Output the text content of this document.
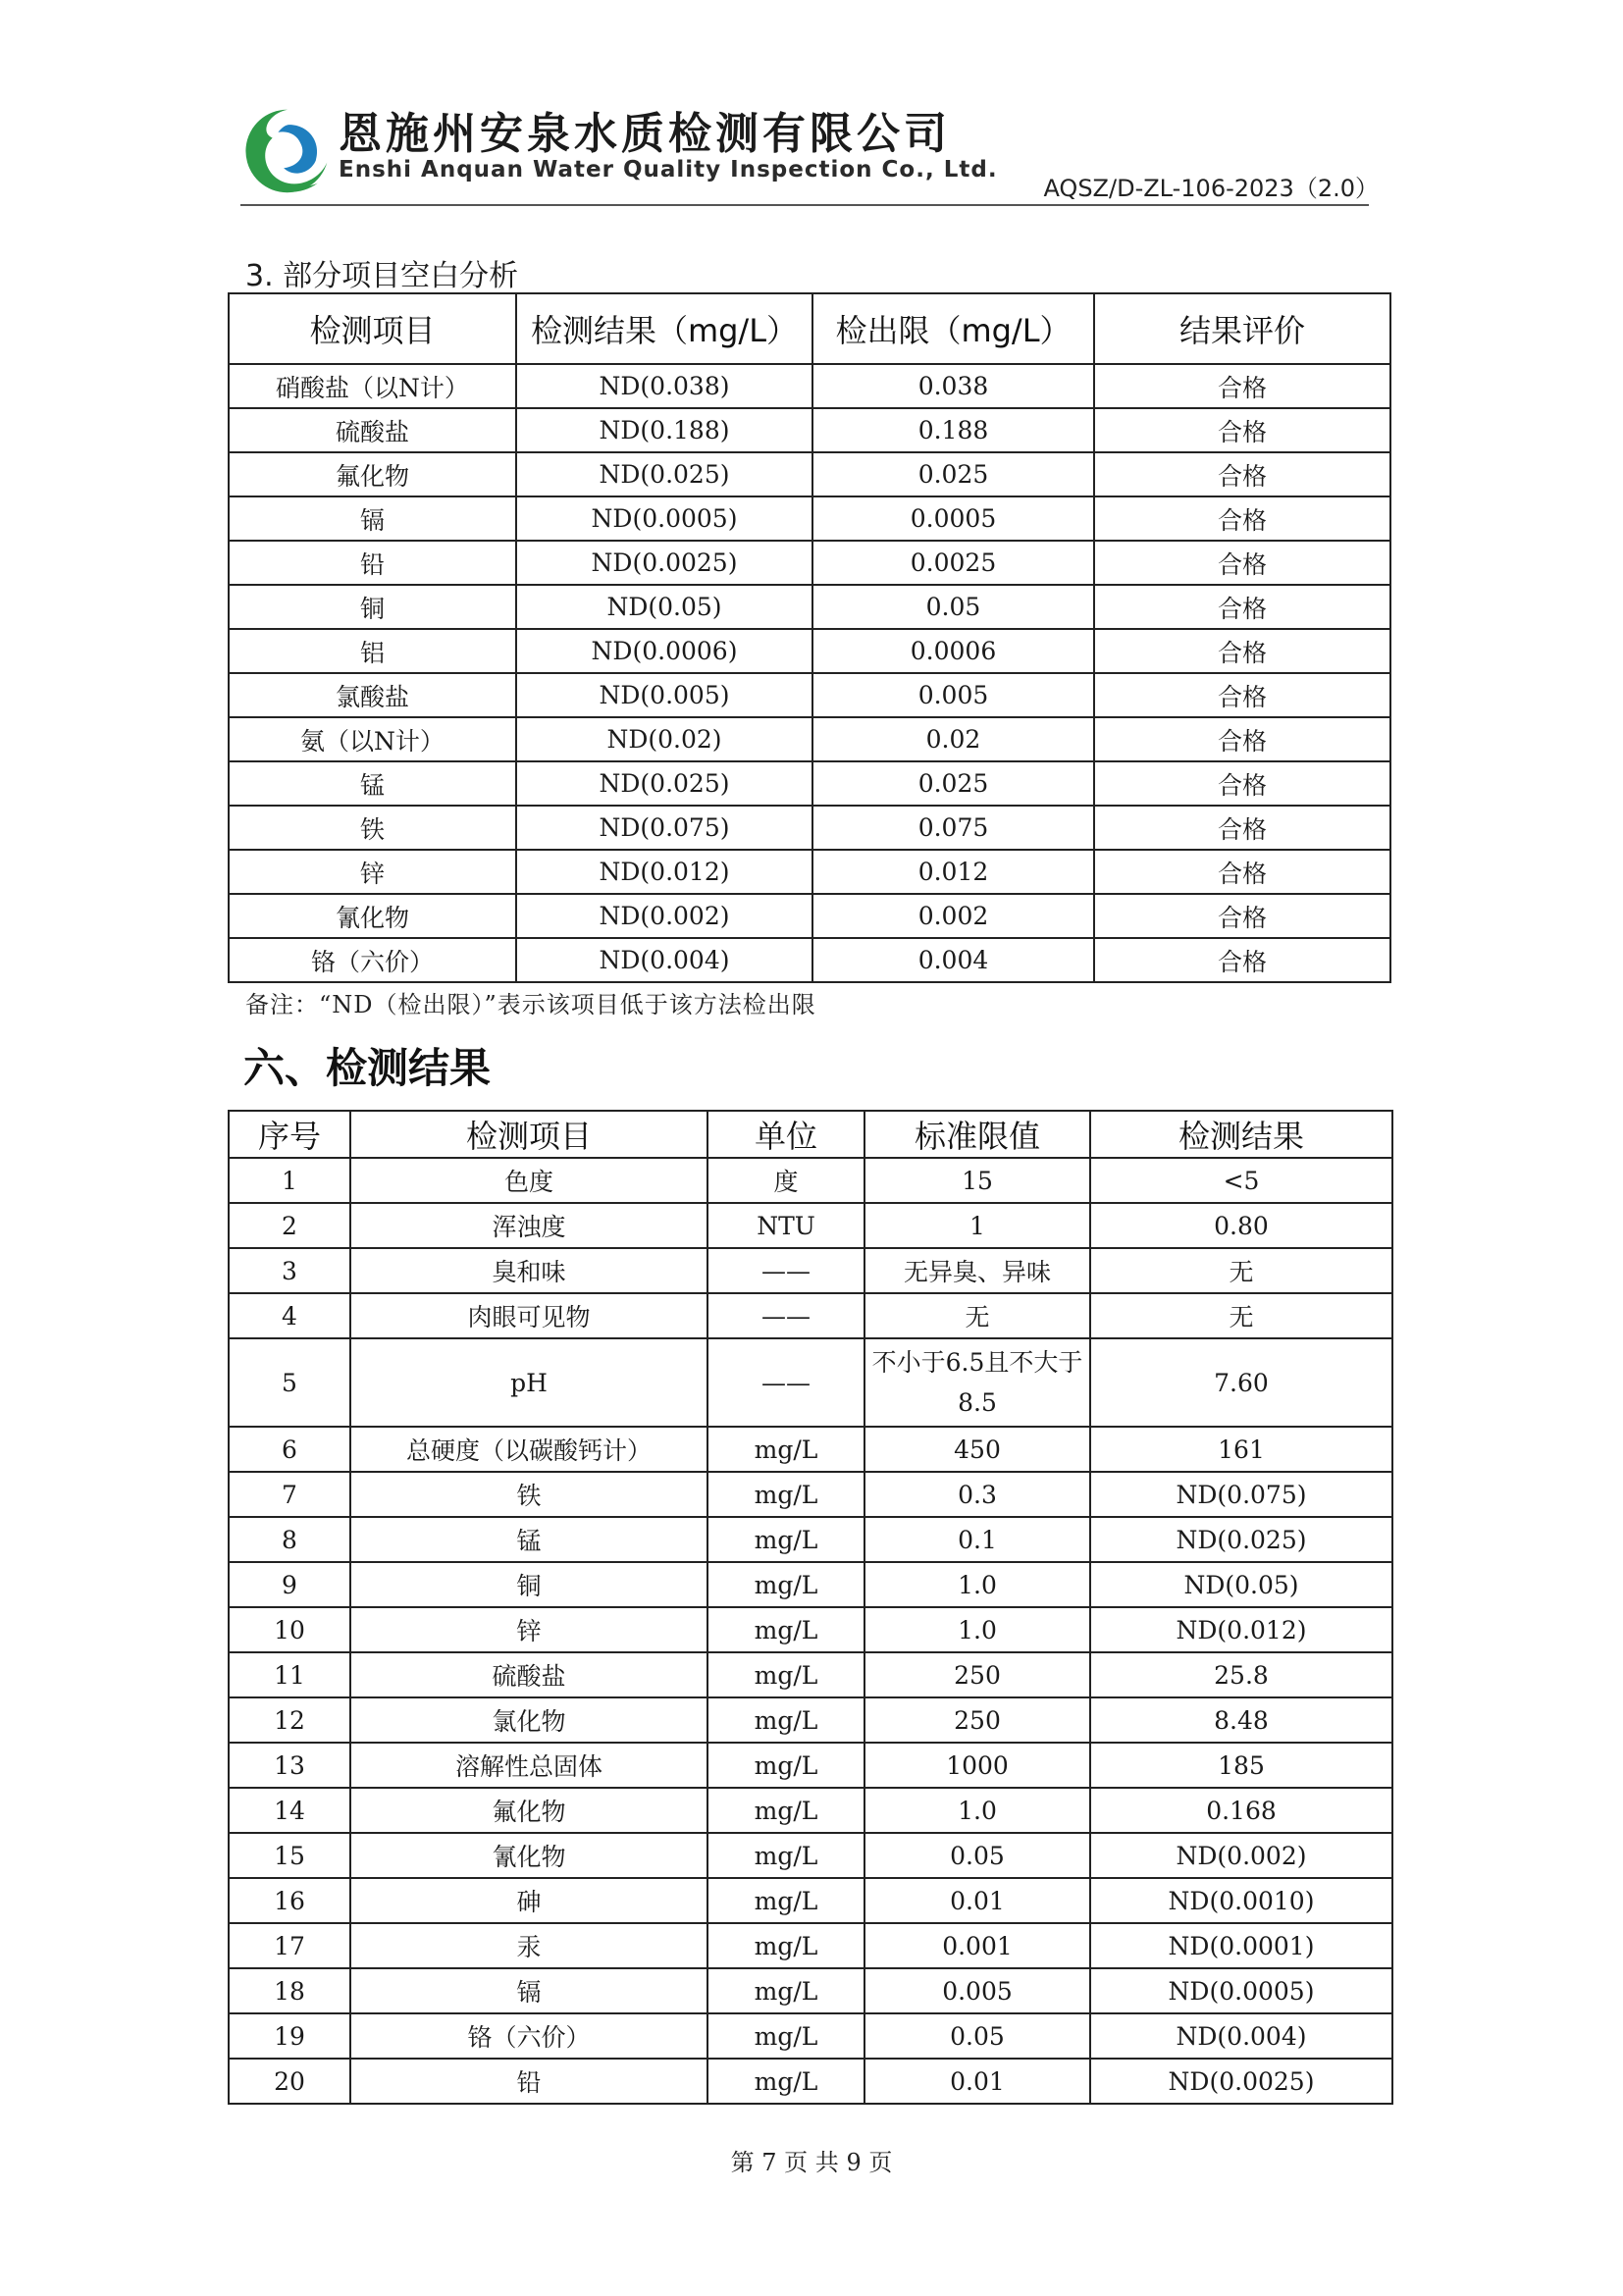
恩施州安泉水质检测有限公司
Enshi Anquan Water Quality Inspection Co., Ltd.
AQSZ/D-ZL-106-2023（2.0）
3. 部分项目空白分析
检测项目	检测结果（mg/L）	检出限（mg/L）	结果评价
硝酸盐（以N计）	ND(0.038)	0.038	合格
硫酸盐	ND(0.188)	0.188	合格
氟化物	ND(0.025)	0.025	合格
镉	ND(0.0005)	0.0005	合格
铅	ND(0.0025)	0.0025	合格
铜	ND(0.05)	0.05	合格
铝	ND(0.0006)	0.0006	合格
氯酸盐	ND(0.005)	0.005	合格
氨（以N计）	ND(0.02)	0.02	合格
锰	ND(0.025)	0.025	合格
铁	ND(0.075)	0.075	合格
锌	ND(0.012)	0.012	合格
氰化物	ND(0.002)	0.002	合格
铬（六价）	ND(0.004)	0.004	合格
备注：“ND（检出限）”表示该项目低于该方法检出限
六、检测结果
序号	检测项目	单位	标准限值	检测结果
1	色度	度	15	<5
2	浑浊度	NTU	1	0.80
3	臭和味	——	无异臭、异味	无
4	肉眼可见物	——	无	无
5	pH	——	不小于6.5且不大于8.5	7.60
6	总硬度（以碳酸钙计）	mg/L	450	161
7	铁	mg/L	0.3	ND(0.075)
8	锰	mg/L	0.1	ND(0.025)
9	铜	mg/L	1.0	ND(0.05)
10	锌	mg/L	1.0	ND(0.012)
11	硫酸盐	mg/L	250	25.8
12	氯化物	mg/L	250	8.48
13	溶解性总固体	mg/L	1000	185
14	氟化物	mg/L	1.0	0.168
15	氰化物	mg/L	0.05	ND(0.002)
16	砷	mg/L	0.01	ND(0.0010)
17	汞	mg/L	0.001	ND(0.0001)
18	镉	mg/L	0.005	ND(0.0005)
19	铬（六价）	mg/L	0.05	ND(0.004)
20	铅	mg/L	0.01	ND(0.0025)
第 7 页 共 9 页
